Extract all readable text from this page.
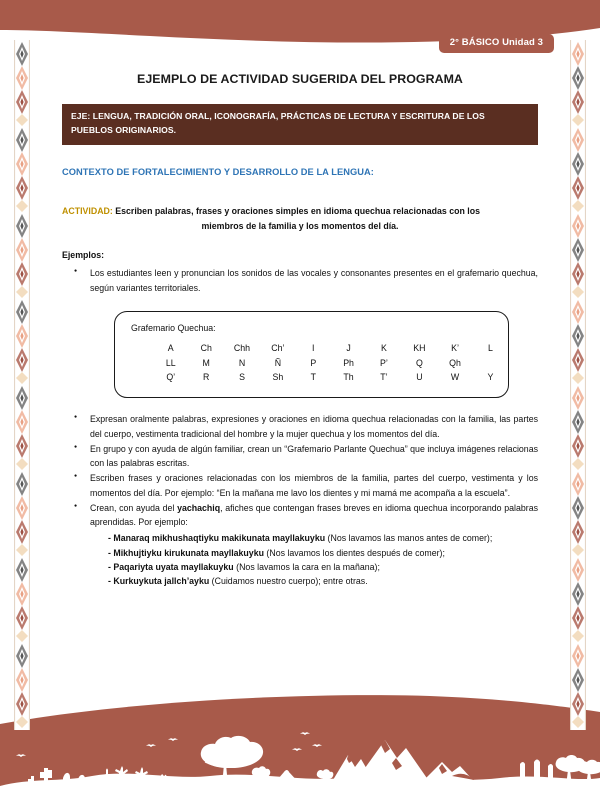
2° BÁSICO Unidad 3
EJEMPLO DE ACTIVIDAD SUGERIDA DEL PROGRAMA
EJE: LENGUA, TRADICIÓN ORAL, ICONOGRAFÍA, PRÁCTICAS DE LECTURA Y ESCRITURA DE LOS PUEBLOS ORIGINARIOS.
CONTEXTO DE FORTALECIMIENTO Y DESARROLLO DE LA LENGUA:
ACTIVIDAD: Escriben palabras, frases y oraciones simples en idioma quechua relacionadas con los
miembros de la familia y los momentos del día.
Ejemplos:
● Los estudiantes leen y pronuncian los sonidos de las vocales y consonantes presentes en el grafemario quechua, según variantes territoriales.
Grafemario Quechua:
A	Ch	Chh	Ch’	I	J	K	KH	K’	L
LL	M	N	Ñ	P	Ph	P’	Q	Qh	
Q’	R	S	Sh	T	Th	T’	U	W	Y
● Expresan oralmente palabras, expresiones y oraciones en idioma quechua relacionadas con la familia, las partes del cuerpo, vestimenta tradicional del hombre y la mujer quechua y los momentos del día.
● En grupo y con ayuda de algún familiar, crean un “Grafemario Parlante Quechua” que incluya imágenes relacionas con las palabras escritas.
● Escriben frases y oraciones relacionadas con los miembros de la familia, partes del cuerpo, vestimenta y los momentos del día. Por ejemplo: “En la mañana me lavo los dientes y mi mamá me acompaña a la escuela”.
● Crean, con ayuda del yachachiq, afiches que contengan frases breves en idioma quechua incorporando palabras aprendidas. Por ejemplo:
- Manaraq mikhushaqtiyku makikunata mayllakuyku (Nos lavamos las manos antes de comer);
- Mikhujtiyku kirukunata mayllakuyku (Nos lavamos los dientes después de comer);
- Paqariyta uyata mayllakuyku (Nos lavamos la cara en la mañana);
- Kurkuykuta jallch’ayku (Cuidamos nuestro cuerpo); entre otras.
